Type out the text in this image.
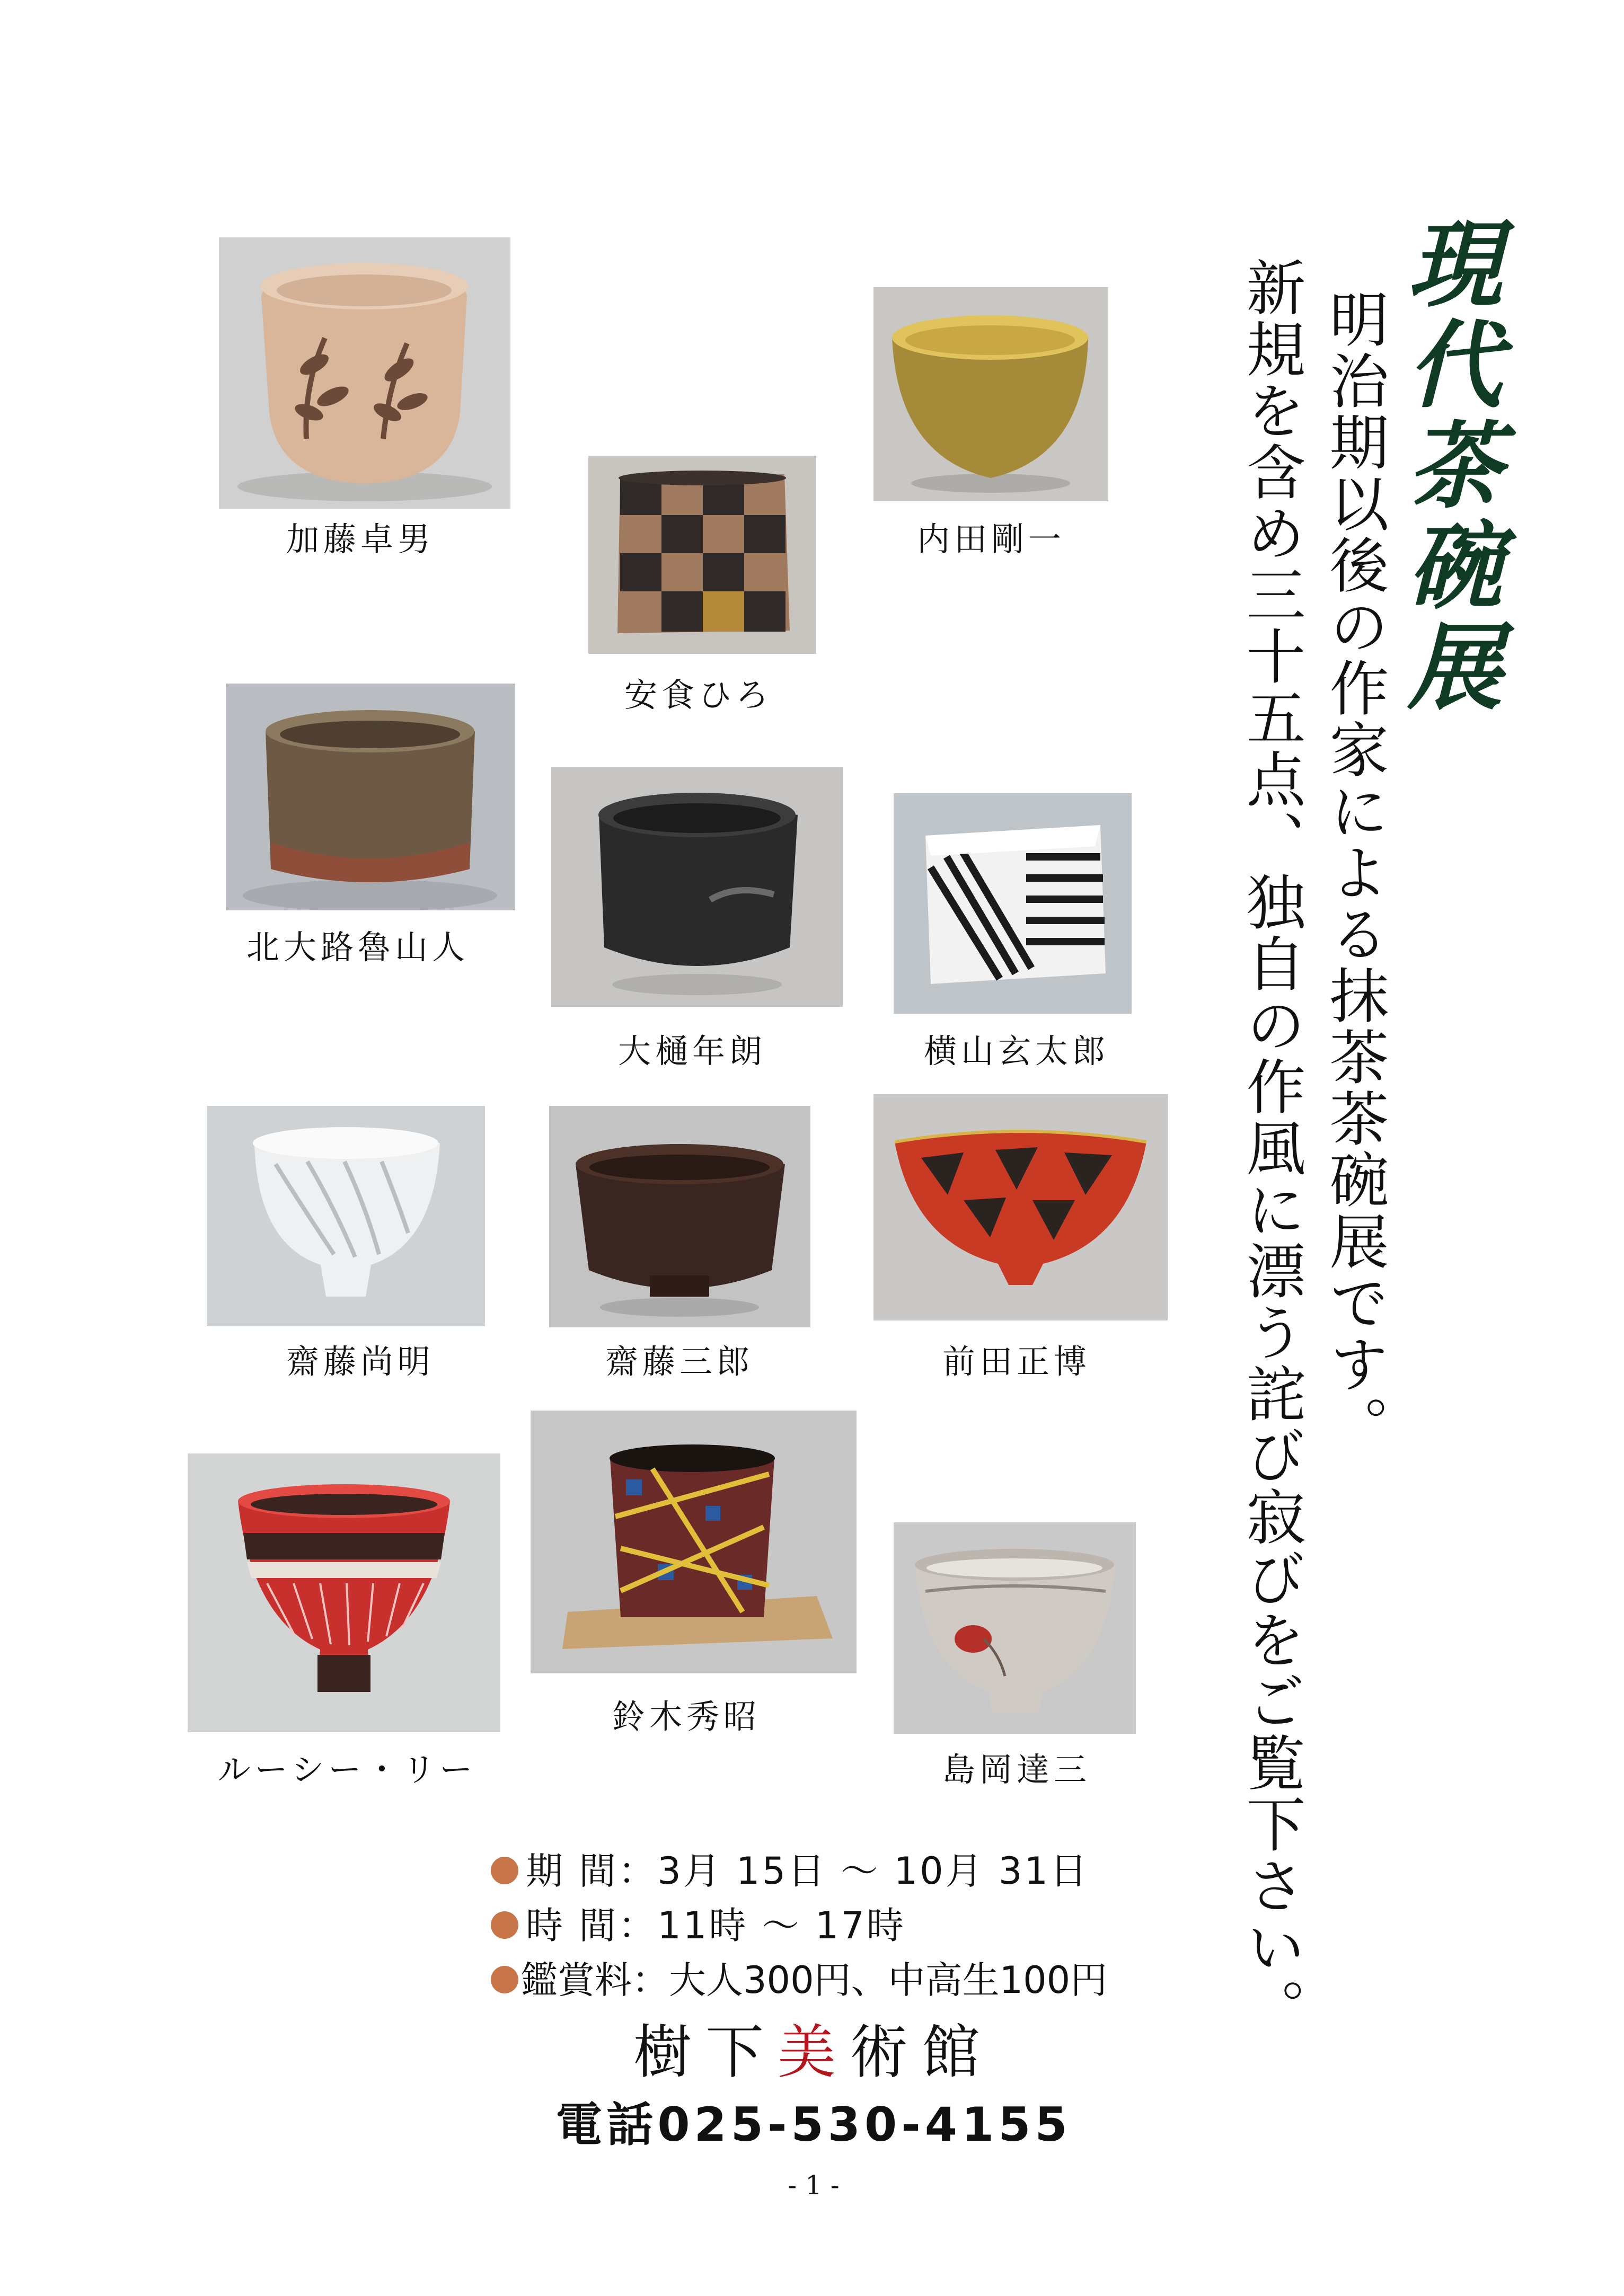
加藤卓男
安食ひろ
内田剛一
北大路魯山人
大樋年朗	横山玄太郎
齋藤尚明	齋藤三郎	前田正博
ルーシー・リー
鈴木秀昭
島岡達三
現代茶碗展
明治期以後の作家による抹茶茶碗展です。
新規を含め三十五点、独自の作風に漂う詫び寂びをご覧下さい。
期 間：3月 15日 ～ 10月 31日
時 間：11時 ～ 17時
鑑賞料：大人300円、中高生100円
樹下美術館
電話025-530-4155
- 1 -
